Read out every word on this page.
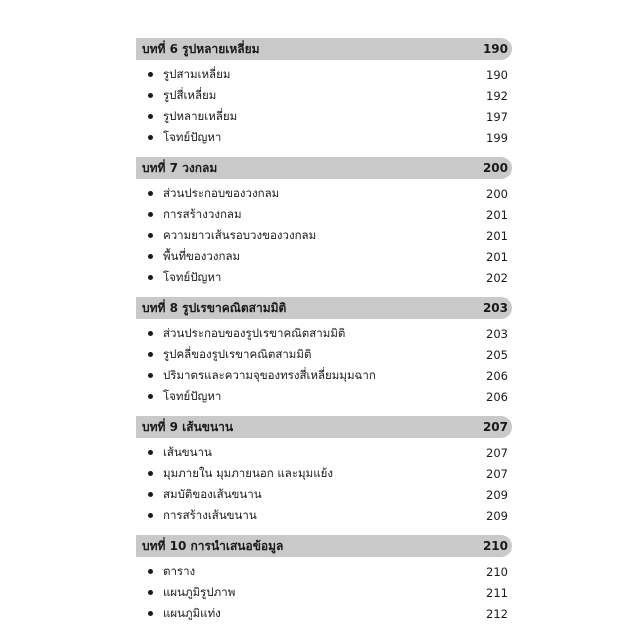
บทที่ 6 รูปหลายเหลี่ยม	190
รูปสามเหลี่ยม	190
รูปสี่เหลี่ยม	192
รูปหลายเหลี่ยม	197
โจทย์ปัญหา	199
บทที่ 7 วงกลม	200
ส่วนประกอบของวงกลม	200
การสร้างวงกลม	201
ความยาวเส้นรอบวงของวงกลม	201
พื้นที่ของวงกลม	201
โจทย์ปัญหา	202
บทที่ 8 รูปเรขาคณิตสามมิติ	203
ส่วนประกอบของรูปเรขาคณิตสามมิติ	203
รูปคลี่ของรูปเรขาคณิตสามมิติ	205
ปริมาตรและความจุของทรงสี่เหลี่ยมมุมฉาก	206
โจทย์ปัญหา	206
บทที่ 9 เส้นขนาน	207
เส้นขนาน	207
มุมภายใน มุมภายนอก และมุมแย้ง	207
สมบัติของเส้นขนาน	209
การสร้างเส้นขนาน	209
บทที่ 10 การนำเสนอข้อมูล	210
ตาราง	210
แผนภูมิรูปภาพ	211
แผนภูมิแท่ง	212
